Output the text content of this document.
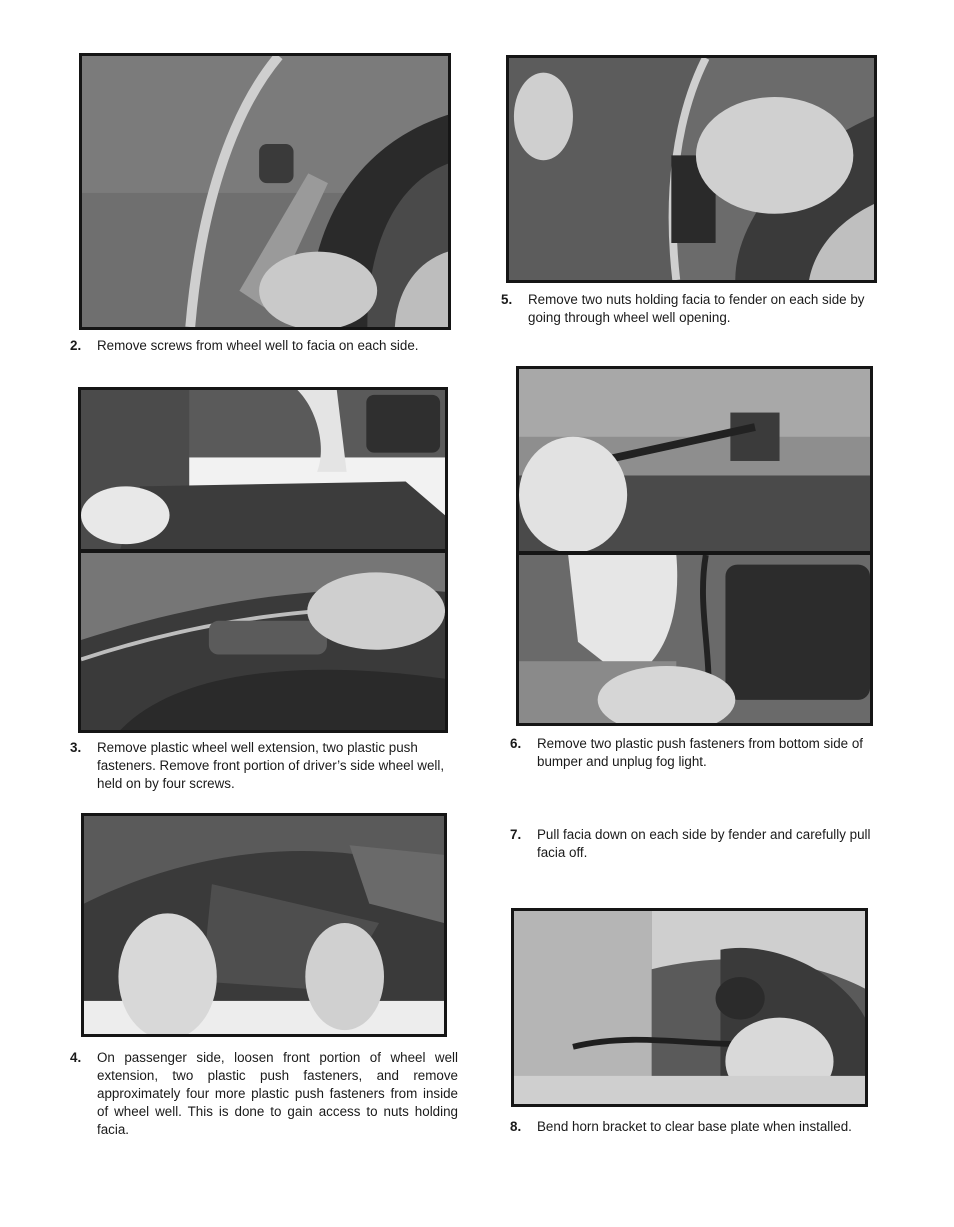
2.	Remove screws from wheel well to facia on each side.
3.	Remove plastic wheel well extension, two plastic push fasteners. Remove front portion of driver’s side wheel well, held on by four screws.
4.	On passenger side, loosen front portion of wheel well extension, two plastic push fasteners, and remove approximately four more plastic push fasteners from inside of wheel well. This is done to gain access to nuts holding facia.
5.	Remove two nuts holding facia to fender on each side by going through wheel well opening.
6.	Remove two plastic push fasteners from bottom side of bumper and unplug fog light.
7.	Pull facia down on each side by fender and carefully pull facia off.
8.	Bend horn bracket to clear base plate when installed.
